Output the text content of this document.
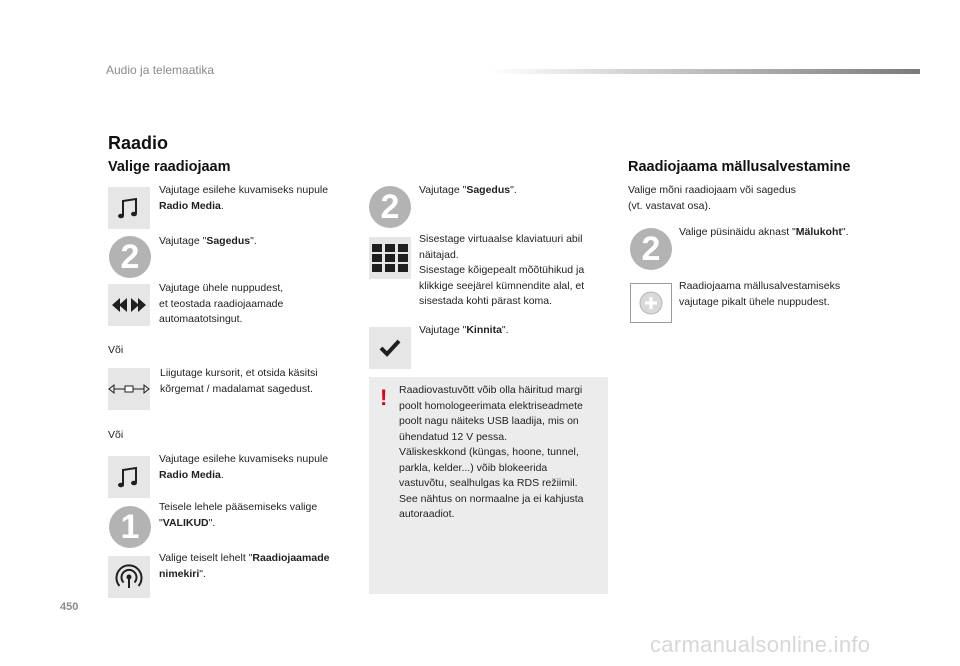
Audio ja telemaatika
Raadio
Valige raadiojaam	Raadiojaama mällusalvestamine
Vajutage esilehe kuvamiseks nupule Radio Media.
2	Vajutage "Sagedus".
Vajutage ühele nuppudest,
et teostada raadiojaamade
automaatotsingut.
Või
Liigutage kursorit, et otsida käsitsi
kõrgemat / madalamat sagedust.
Või
Vajutage esilehe kuvamiseks nupule Radio Media.
1
Teisele lehele pääsemiseks valige "VALIKUD".
Valige teiselt lehelt "Raadiojaamade nimekiri".
2	Vajutage "Sagedus".
Sisestage virtuaalse klaviatuuri abil
näitajad.
Sisestage kõigepealt mõõtühikud ja
klikkige seejärel kümnendite alal, et
sisestada kohti pärast koma.
Vajutage "Kinnita".
! Raadiovastuvõtt võib olla häiritud margi
poolt homologeerimata elektriseadmete
poolt nagu näiteks USB laadija, mis on
ühendatud 12 V pessa.
Väliskeskkond (küngas, hoone, tunnel,
parkla, kelder...) võib blokeerida
vastuvõtu, sealhulgas ka RDS režiimil.
See nähtus on normaalne ja ei kahjusta
autoraadiot.
Valige mõni raadiojaam või sagedus
(vt. vastavat osa).
2	Valige püsinäidu aknast "Mälukoht".
Raadiojaama mällusalvestamiseks
vajutage pikalt ühele nuppudest.
450
carmanualsonline.info
